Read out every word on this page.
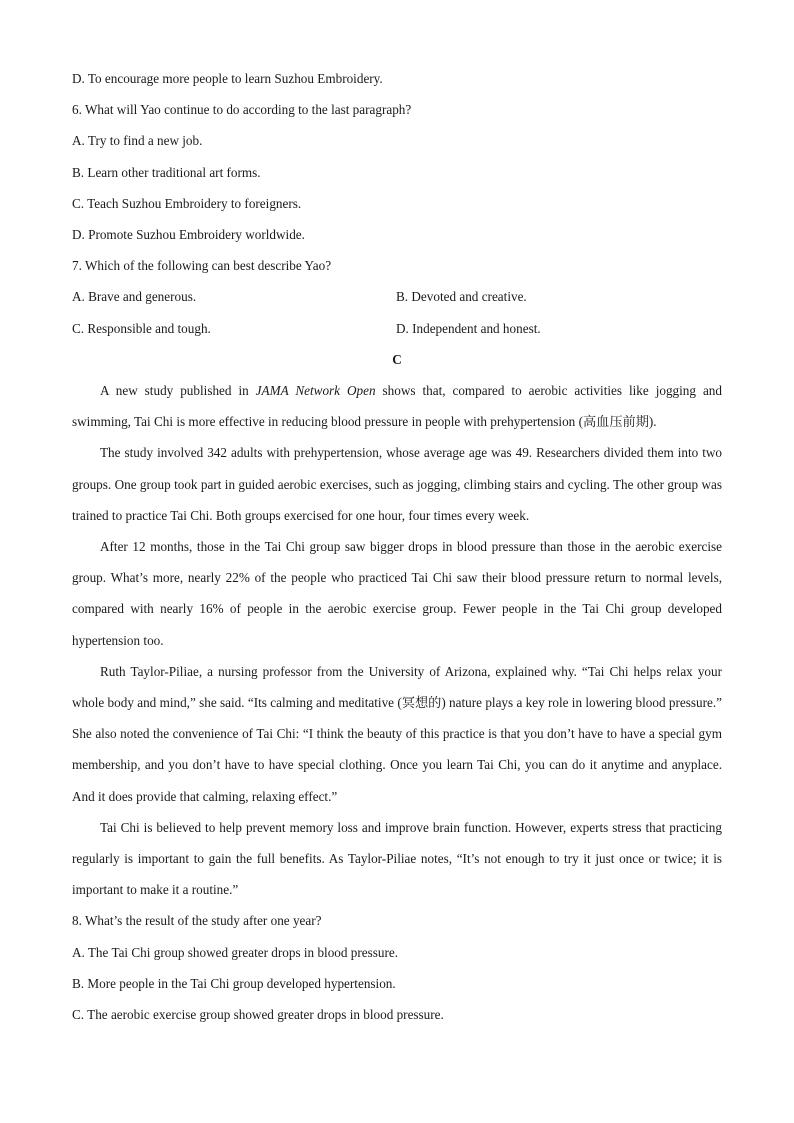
D. To encourage more people to learn Suzhou Embroidery.
6. What will Yao continue to do according to the last paragraph?
A. Try to find a new job.
B. Learn other traditional art forms.
C. Teach Suzhou Embroidery to foreigners.
D. Promote Suzhou Embroidery worldwide.
7. Which of the following can best describe Yao?
A. Brave and generous.	B. Devoted and creative.
C. Responsible and tough.	D. Independent and honest.
C

A new study published in JAMA Network Open shows that, compared to aerobic activities like jogging and swimming, Tai Chi is more effective in reducing blood pressure in people with prehypertension (高血压前期).

The study involved 342 adults with prehypertension, whose average age was 49. Researchers divided them into two groups. One group took part in guided aerobic exercises, such as jogging, climbing stairs and cycling. The other group was trained to practice Tai Chi. Both groups exercised for one hour, four times every week.

After 12 months, those in the Tai Chi group saw bigger drops in blood pressure than those in the aerobic exercise group. What’s more, nearly 22% of the people who practiced Tai Chi saw their blood pressure return to normal levels, compared with nearly 16% of people in the aerobic exercise group. Fewer people in the Tai Chi group developed hypertension too.

Ruth Taylor-Piliae, a nursing professor from the University of Arizona, explained why. “Tai Chi helps relax your whole body and mind,” she said. “Its calming and meditative (冥想的) nature plays a key role in lowering blood pressure.” She also noted the convenience of Tai Chi: “I think the beauty of this practice is that you don’t have to have a special gym membership, and you don’t have to have special clothing. Once you learn Tai Chi, you can do it anytime and anyplace. And it does provide that calming, relaxing effect.”

Tai Chi is believed to help prevent memory loss and improve brain function. However, experts stress that practicing regularly is important to gain the full benefits. As Taylor-Piliae notes, “It’s not enough to try it just once or twice; it is important to make it a routine.”

8. What’s the result of the study after one year?
A. The Tai Chi group showed greater drops in blood pressure.
B. More people in the Tai Chi group developed hypertension.
C. The aerobic exercise group showed greater drops in blood pressure.
